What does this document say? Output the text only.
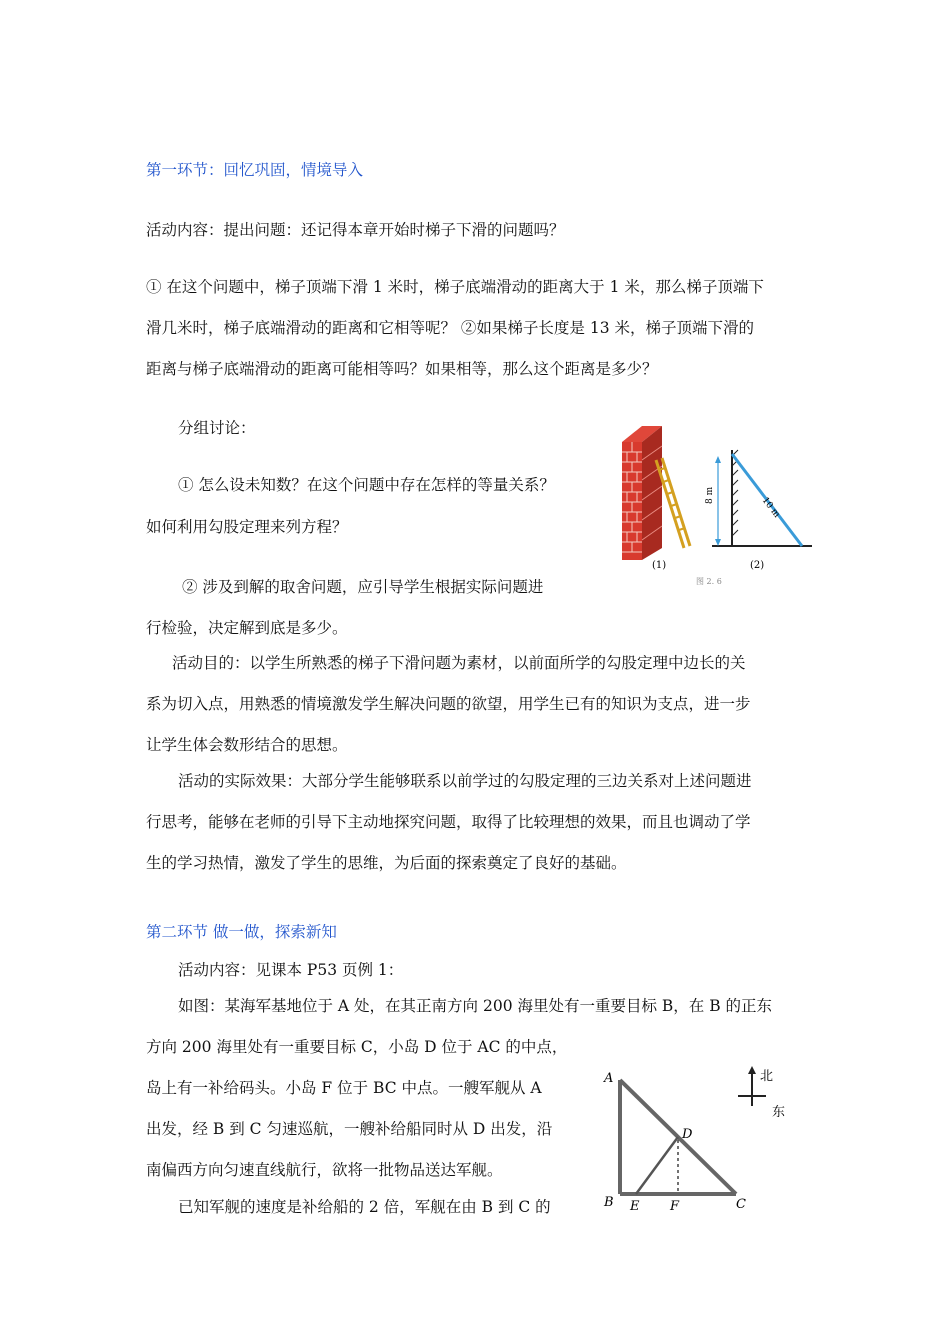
第一环节：回忆巩固，情境导入
活动内容：提出问题：还记得本章开始时梯子下滑的问题吗？
① 在这个问题中，梯子顶端下滑 1 米时，梯子底端滑动的距离大于 1 米，那么梯子顶端下
滑几米时，梯子底端滑动的距离和它相等呢？ ②如果梯子长度是 13 米，梯子顶端下滑的
距离与梯子底端滑动的距离可能相等吗？如果相等，那么这个距离是多少？
分组讨论：
① 怎么设未知数？在这个问题中存在怎样的等量关系？
如何利用勾股定理来列方程？
② 涉及到解的取舍问题，应引导学生根据实际问题进
行检验，决定解到底是多少。
活动目的：以学生所熟悉的梯子下滑问题为素材，以前面所学的勾股定理中边长的关
系为切入点，用熟悉的情境激发学生解决问题的欲望，用学生已有的知识为支点，进一步
让学生体会数形结合的思想。
活动的实际效果：大部分学生能够联系以前学过的勾股定理的三边关系对上述问题进
行思考，能够在老师的引导下主动地探究问题，取得了比较理想的效果，而且也调动了学
生的学习热情，激发了学生的思维，为后面的探索奠定了良好的基础。
8 m
10 m
(1)	(2)
图 2. 6
第二环节 做一做，探索新知
活动内容：见课本 P53 页例 1：
如图：某海军基地位于 A 处，在其正南方向 200 海里处有一重要目标 B，在 B 的正东
方向 200 海里处有一重要目标 C，小岛 D 位于 AC 的中点，
岛上有一补给码头。小岛 F 位于 BC 中点。一艘军舰从 A
出发，经 B 到 C 匀速巡航，一艘补给船同时从 D 出发，沿
南偏西方向匀速直线航行，欲将一批物品送达军舰。
已知军舰的速度是补给船的 2 倍，军舰在由 B 到 C 的
A
B	C
D
E F
北
东
